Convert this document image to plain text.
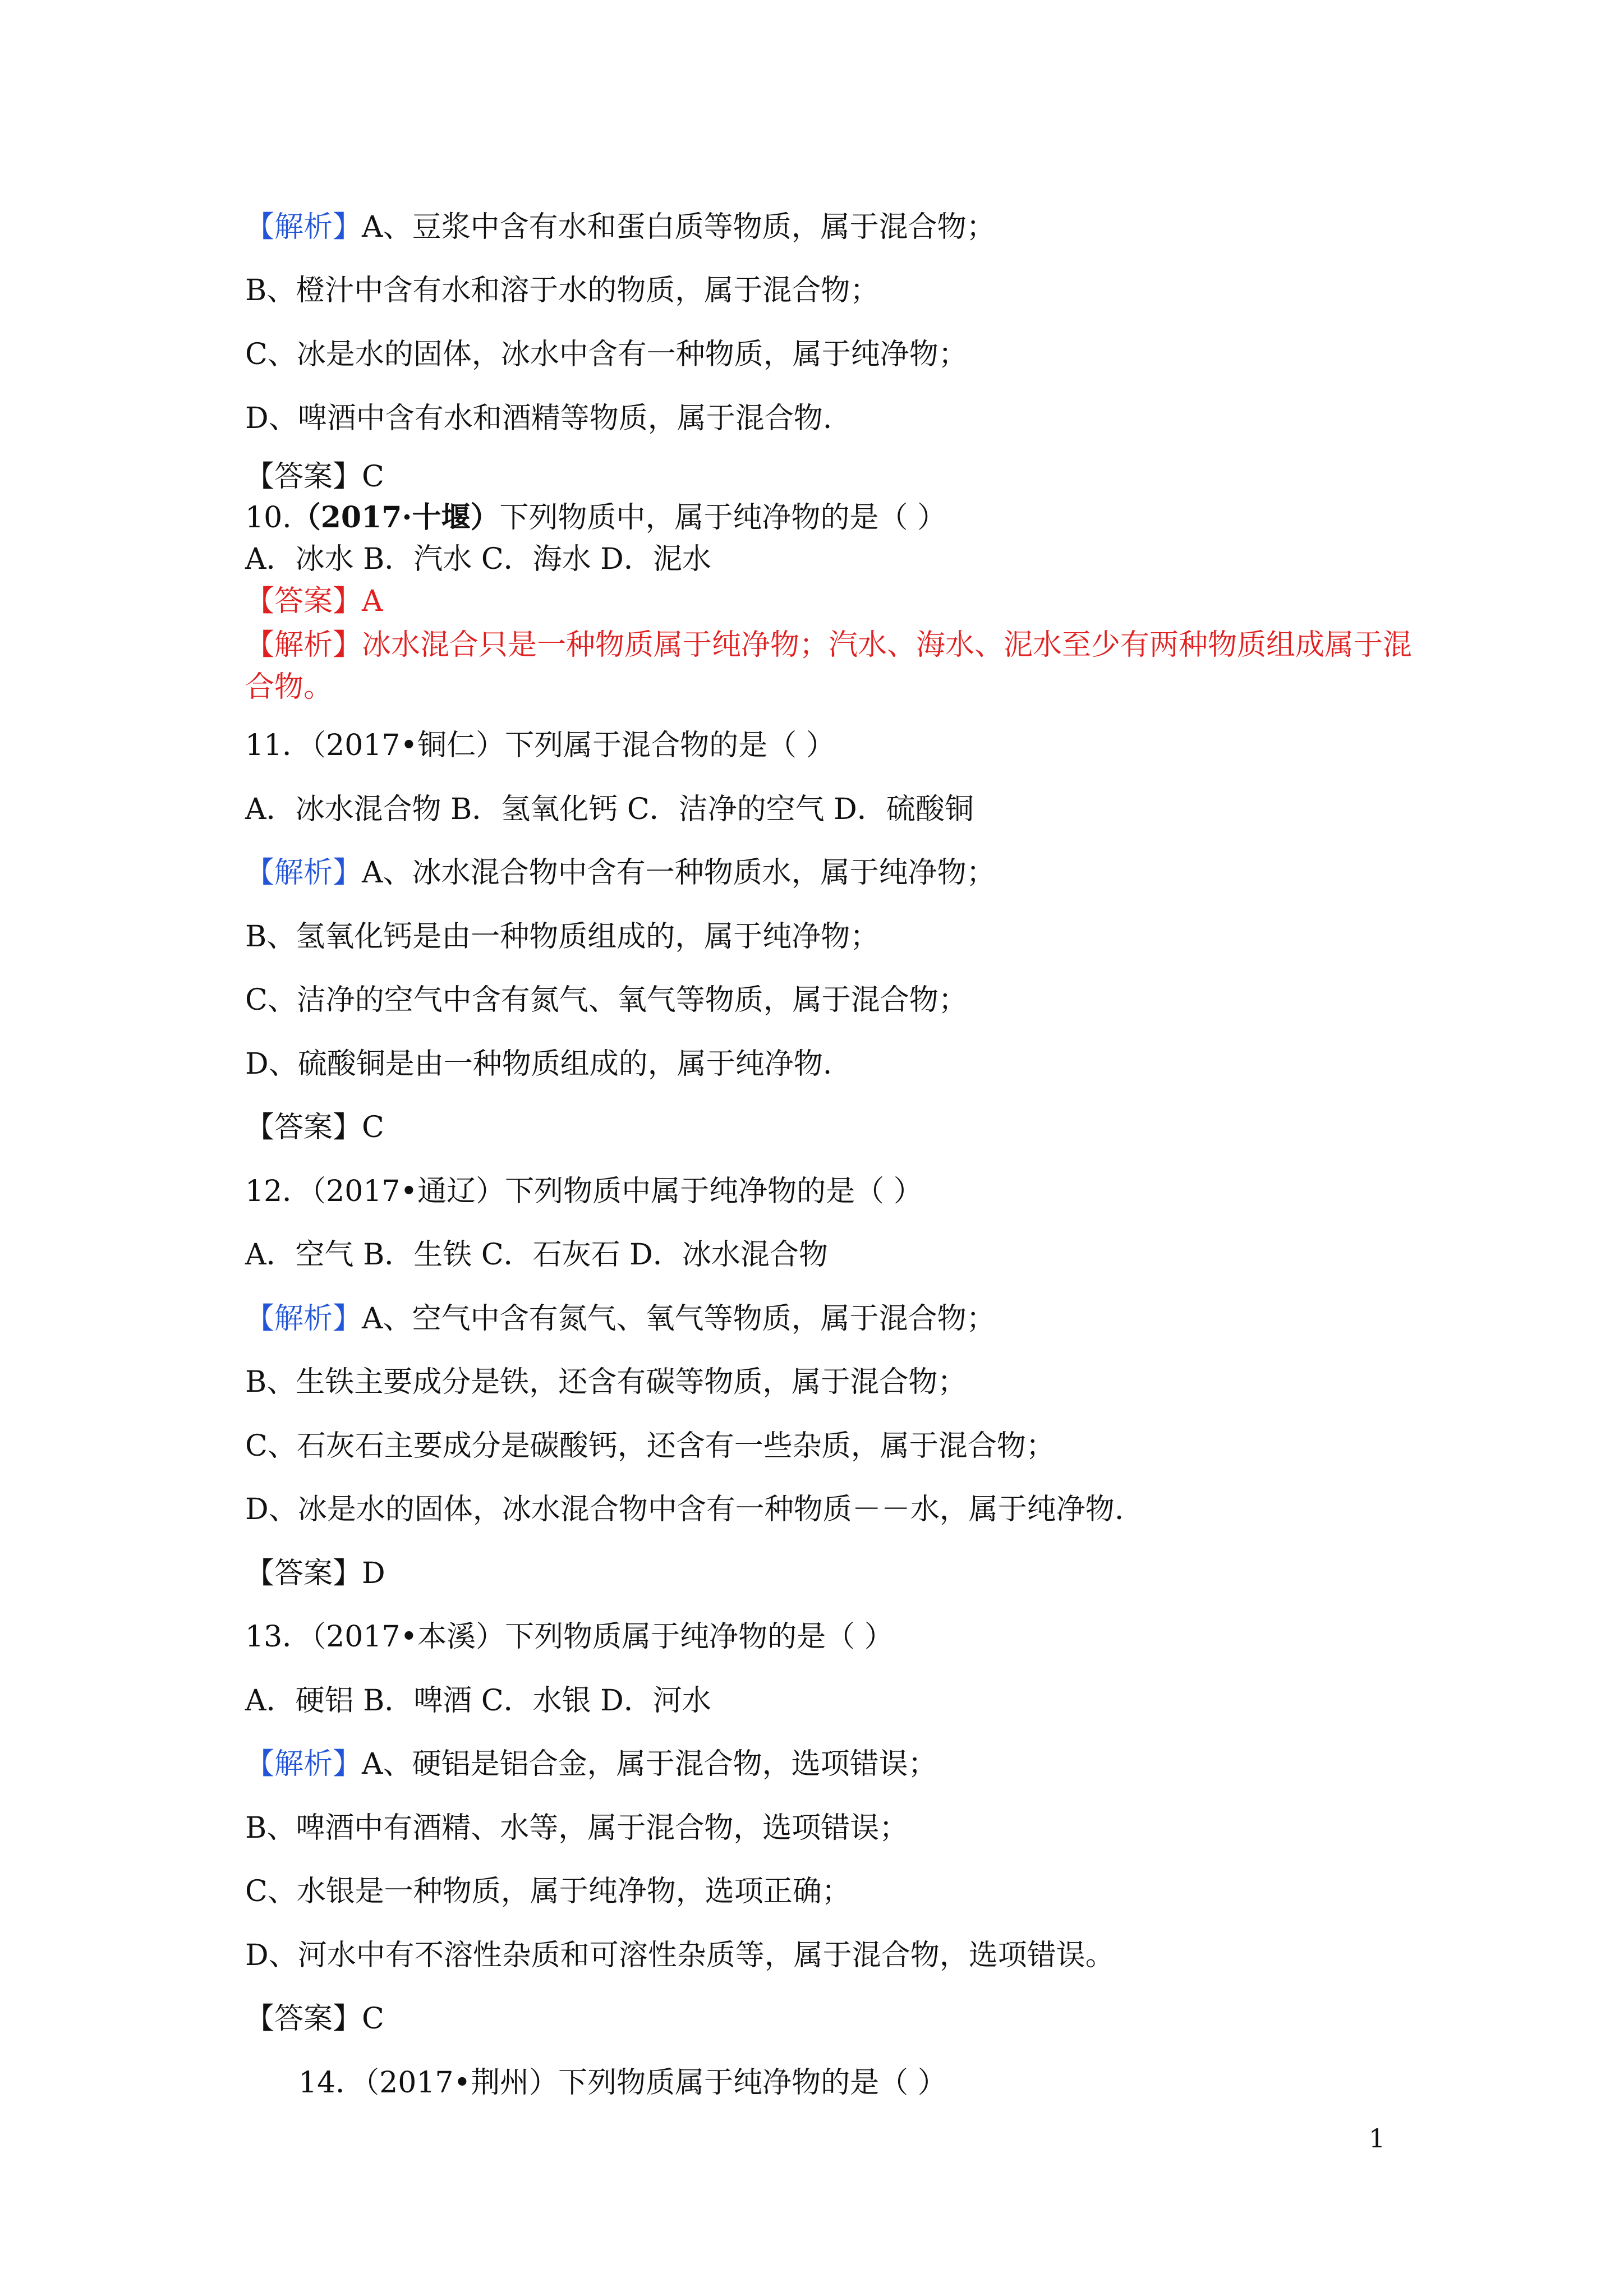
【解析】A、豆浆中含有水和蛋白质等物质，属于混合物；
B、橙汁中含有水和溶于水的物质，属于混合物；
C、冰是水的固体，冰水中含有一种物质，属于纯净物；
D、啤酒中含有水和酒精等物质，属于混合物.
【答案】C
10.（2017·十堰）下列物质中，属于纯净物的是（ ）
A．冰水 B．汽水 C．海水 D．泥水
【答案】A
【解析】冰水混合只是一种物质属于纯净物；汽水、海水、泥水至少有两种物质组成属于混
合物。
11．（2017•铜仁）下列属于混合物的是（ ）
A．冰水混合物 B．氢氧化钙 C．洁净的空气 D．硫酸铜
【解析】A、冰水混合物中含有一种物质水，属于纯净物；
B、氢氧化钙是由一种物质组成的，属于纯净物；
C、洁净的空气中含有氮气、氧气等物质，属于混合物；
D、硫酸铜是由一种物质组成的，属于纯净物.
【答案】C
12．（2017•通辽）下列物质中属于纯净物的是（ ）
A．空气 B．生铁 C．石灰石 D．冰水混合物
【解析】A、空气中含有氮气、氧气等物质，属于混合物；
B、生铁主要成分是铁，还含有碳等物质，属于混合物；
C、石灰石主要成分是碳酸钙，还含有一些杂质，属于混合物；
D、冰是水的固体，冰水混合物中含有一种物质－－水，属于纯净物.
【答案】D
13．（2017•本溪）下列物质属于纯净物的是（ ）
A．硬铝 B．啤酒 C．水银 D．河水
【解析】A、硬铝是铝合金，属于混合物，选项错误；
B、啤酒中有酒精、水等，属于混合物，选项错误；
C、水银是一种物质，属于纯净物，选项正确；
D、河水中有不溶性杂质和可溶性杂质等，属于混合物，选项错误。
【答案】C
14．（2017•荆州）下列物质属于纯净物的是（ ）
1
